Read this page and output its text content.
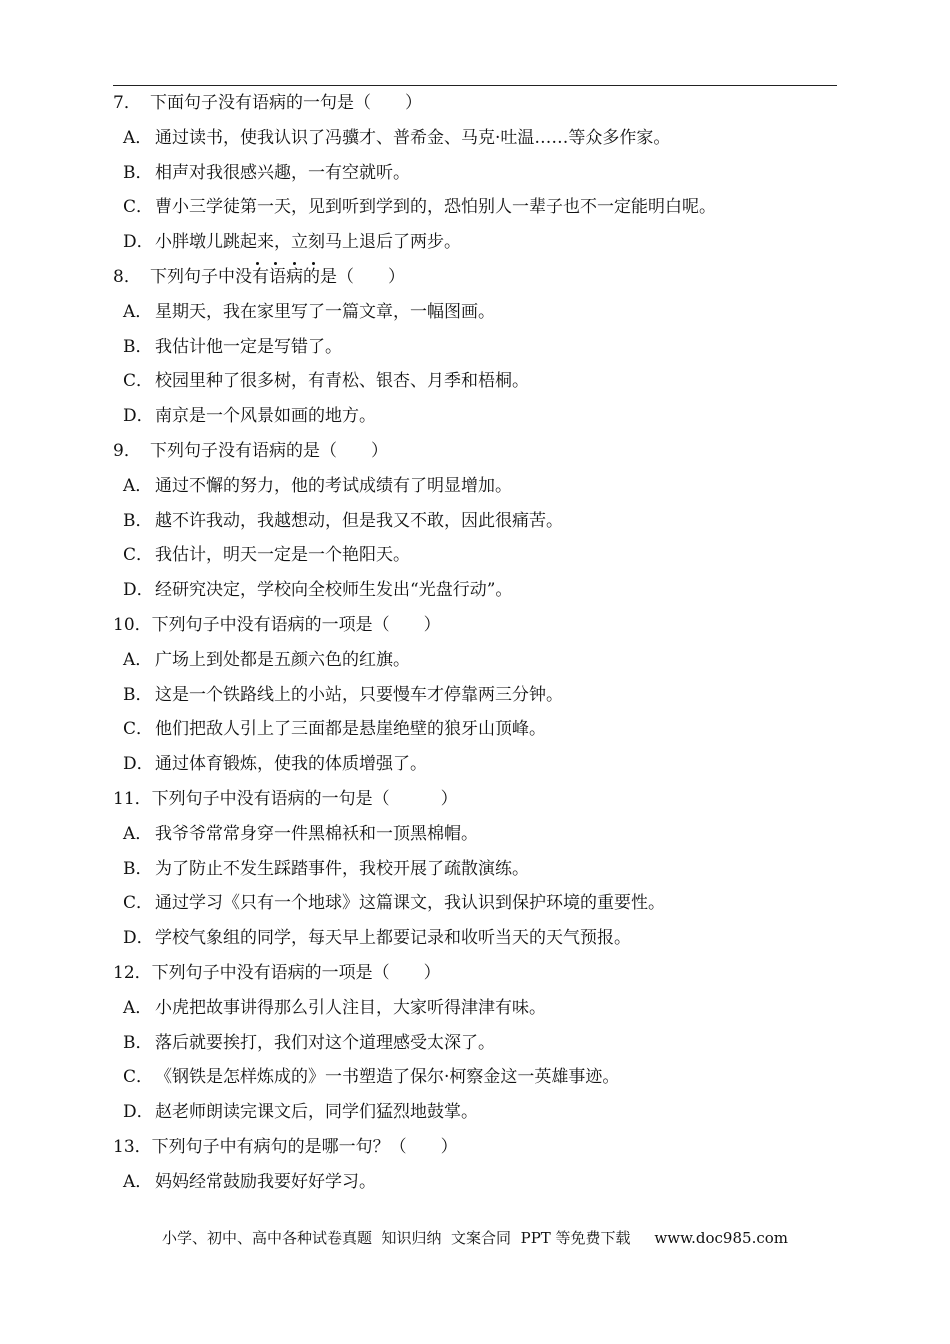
7． 下面句子没有语病的一句是（　　）
A． 通过读书，使我认识了冯骥才、普希金、马克·吐温……等众多作家。
B． 相声对我很感兴趣，一有空就听。
C． 曹小三学徒第一天，见到听到学到的，恐怕别人一辈子也不一定能明白呢。
D．小胖墩儿跳起来，立刻马上退后了两步。
8． 下列句子中没有语病的是（　　）
A． 星期天，我在家里写了一篇文章，一幅图画。
B． 我估计他一定是写错了。
C． 校园里种了很多树，有青松、银杏、月季和梧桐。
D．南京是一个风景如画的地方。
9． 下列句子没有语病的是（　　）
A． 通过不懈的努力，他的考试成绩有了明显增加。
B． 越不许我动，我越想动，但是我又不敢，因此很痛苦。
C． 我估计，明天一定是一个艳阳天。
D．经研究决定，学校向全校师生发出“光盘行动”。
10．下列句子中没有语病的一项是（　　）
A． 广场上到处都是五颜六色的红旗。
B． 这是一个铁路线上的小站，只要慢车才停靠两三分钟。
C． 他们把敌人引上了三面都是悬崖绝壁的狼牙山顶峰。
D．通过体育锻炼，使我的体质增强了。
11．下列句子中没有语病的一句是（　　　）
A． 我爷爷常常身穿一件黑棉袄和一顶黑棉帽。
B． 为了防止不发生踩踏事件，我校开展了疏散演练。
C． 通过学习《只有一个地球》这篇课文，我认识到保护环境的重要性。
D．学校气象组的同学，每天早上都要记录和收听当天的天气预报。
12．下列句子中没有语病的一项是（　　）
A． 小虎把故事讲得那么引人注目，大家听得津津有味。
B． 落后就要挨打，我们对这个道理感受太深了。
C． 《钢铁是怎样炼成的》一书塑造了保尔·柯察金这一英雄事迹。
D．赵老师朗读完课文后，同学们猛烈地鼓掌。
13．下列句子中有病句的是哪一句？（　　）
A． 妈妈经常鼓励我要好好学习。
小学、初中、高中各种试卷真题  知识归纳  文案合同  PPT 等免费下载     www.doc985.com
